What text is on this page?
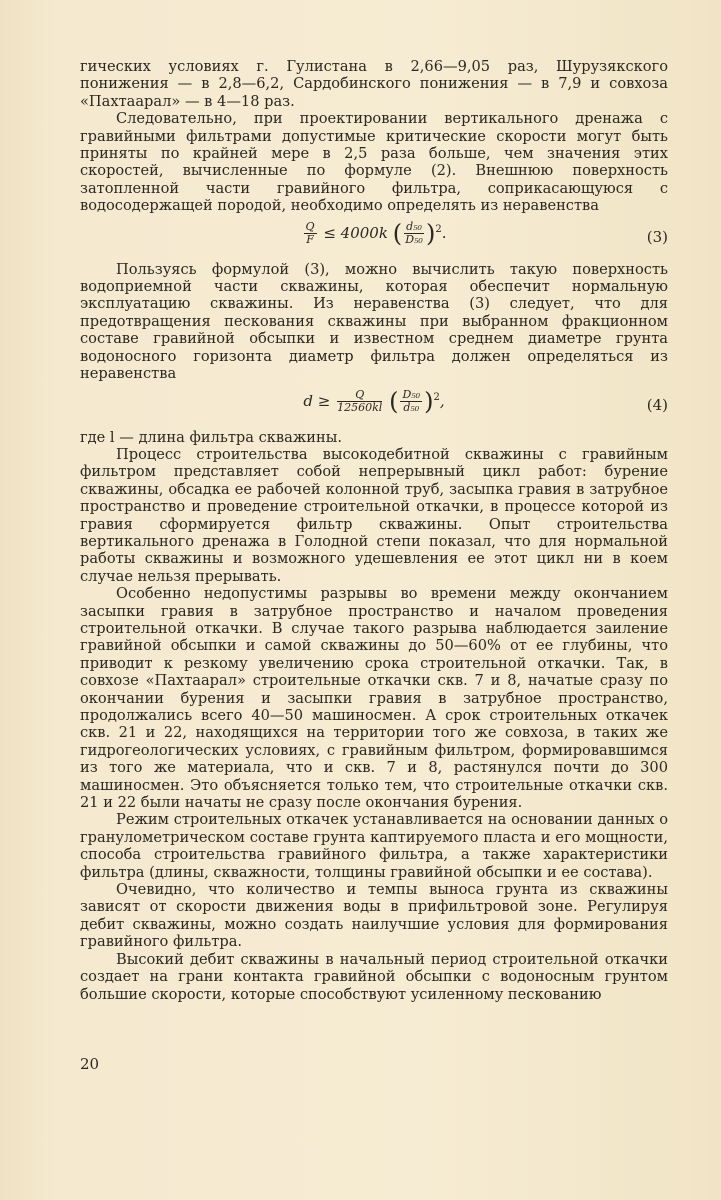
гических условиях г. Гулистана в 2,66—9,05 раз, Шурузякского понижения — в 2,8—6,2, Сардобинского понижения — в 7,9 и совхоза «Пахтаарал» — в 4—18 раз.

Следовательно, при проектировании вертикального дренажа с гравийными фильтрами допустимые критические скорости могут быть приняты по крайней мере в 2,5 раза больше, чем значения этих скоростей, вычисленные по формуле (2). Внешнюю поверхность затопленной части гравийного фильтра, соприкасающуюся с водосодержащей породой, необходимо определять из неравенства

$\frac{Q}{F} \le 4000k$ ( $\frac{\text{d₅₀}}{\text{D₅₀}} )^2$.	(3)

Пользуясь формулой (3), можно вычислить такую поверхность водоприемной части скважины, которая обеспечит нормальную эксплуатацию скважины. Из неравенства (3) следует, что для предотвращения пескования скважины при выбранном фракционном составе гравийной обсыпки и известном среднем диаметре грунта водоносного горизонта диаметр фильтра должен определяться из неравенства

$d \ge \frac{Q}{12560kl}$ ( $\frac{\text{D₅₀}}{\text{d₅₀}} )^2$,	(4)

где l — длина фильтра скважины.

Процесс строительства высокодебитной скважины с гравийным фильтром представляет собой непрерывный цикл работ: бурение скважины, обсадка ее рабочей колонной труб, засыпка гравия в затрубное пространство и проведение строительной откачки, в процессе которой из гравия сформируется фильтр скважины. Опыт строительства вертикального дренажа в Голодной степи показал, что для нормальной работы скважины и возможного удешевления ее этот цикл ни в коем случае нельзя прерывать.

Особенно недопустимы разрывы во времени между окончанием засыпки гравия в затрубное пространство и началом проведения строительной откачки. В случае такого разрыва наблюдается заиление гравийной обсыпки и самой скважины до 50—60% от ее глубины, что приводит к резкому увеличению срока строительной откачки. Так, в совхозе «Пахтаарал» строительные откачки скв. 7 и 8, начатые сразу по окончании бурения и засыпки гравия в затрубное пространство, продолжались всего 40—50 машиносмен. А срок строительных откачек скв. 21 и 22, находящихся на территории того же совхоза, в таких же гидрогеологических условиях, с гравийным фильтром, формировавшимся из того же материала, что и скв. 7 и 8, растянулся почти до 300 машиносмен. Это объясняется только тем, что строительные откачки скв. 21 и 22 были начаты не сразу после окончания бурения.

Режим строительных откачек устанавливается на основании данных о гранулометрическом составе грунта каптируемого пласта и его мощности, способа строительства гравийного фильтра, а также характеристики фильтра (длины, скважности, толщины гравийной обсыпки и ее состава).

Очевидно, что количество и темпы выноса грунта из скважины зависят от скорости движения воды в прифильтровой зоне. Регулируя дебит скважины, можно создать наилучшие условия для формирования гравийного фильтра.

Высокий дебит скважины в начальный период строительной откачки создает на грани контакта гравийной обсыпки с водоносным грунтом большие скорости, которые способствуют усиленному пескованию

20
